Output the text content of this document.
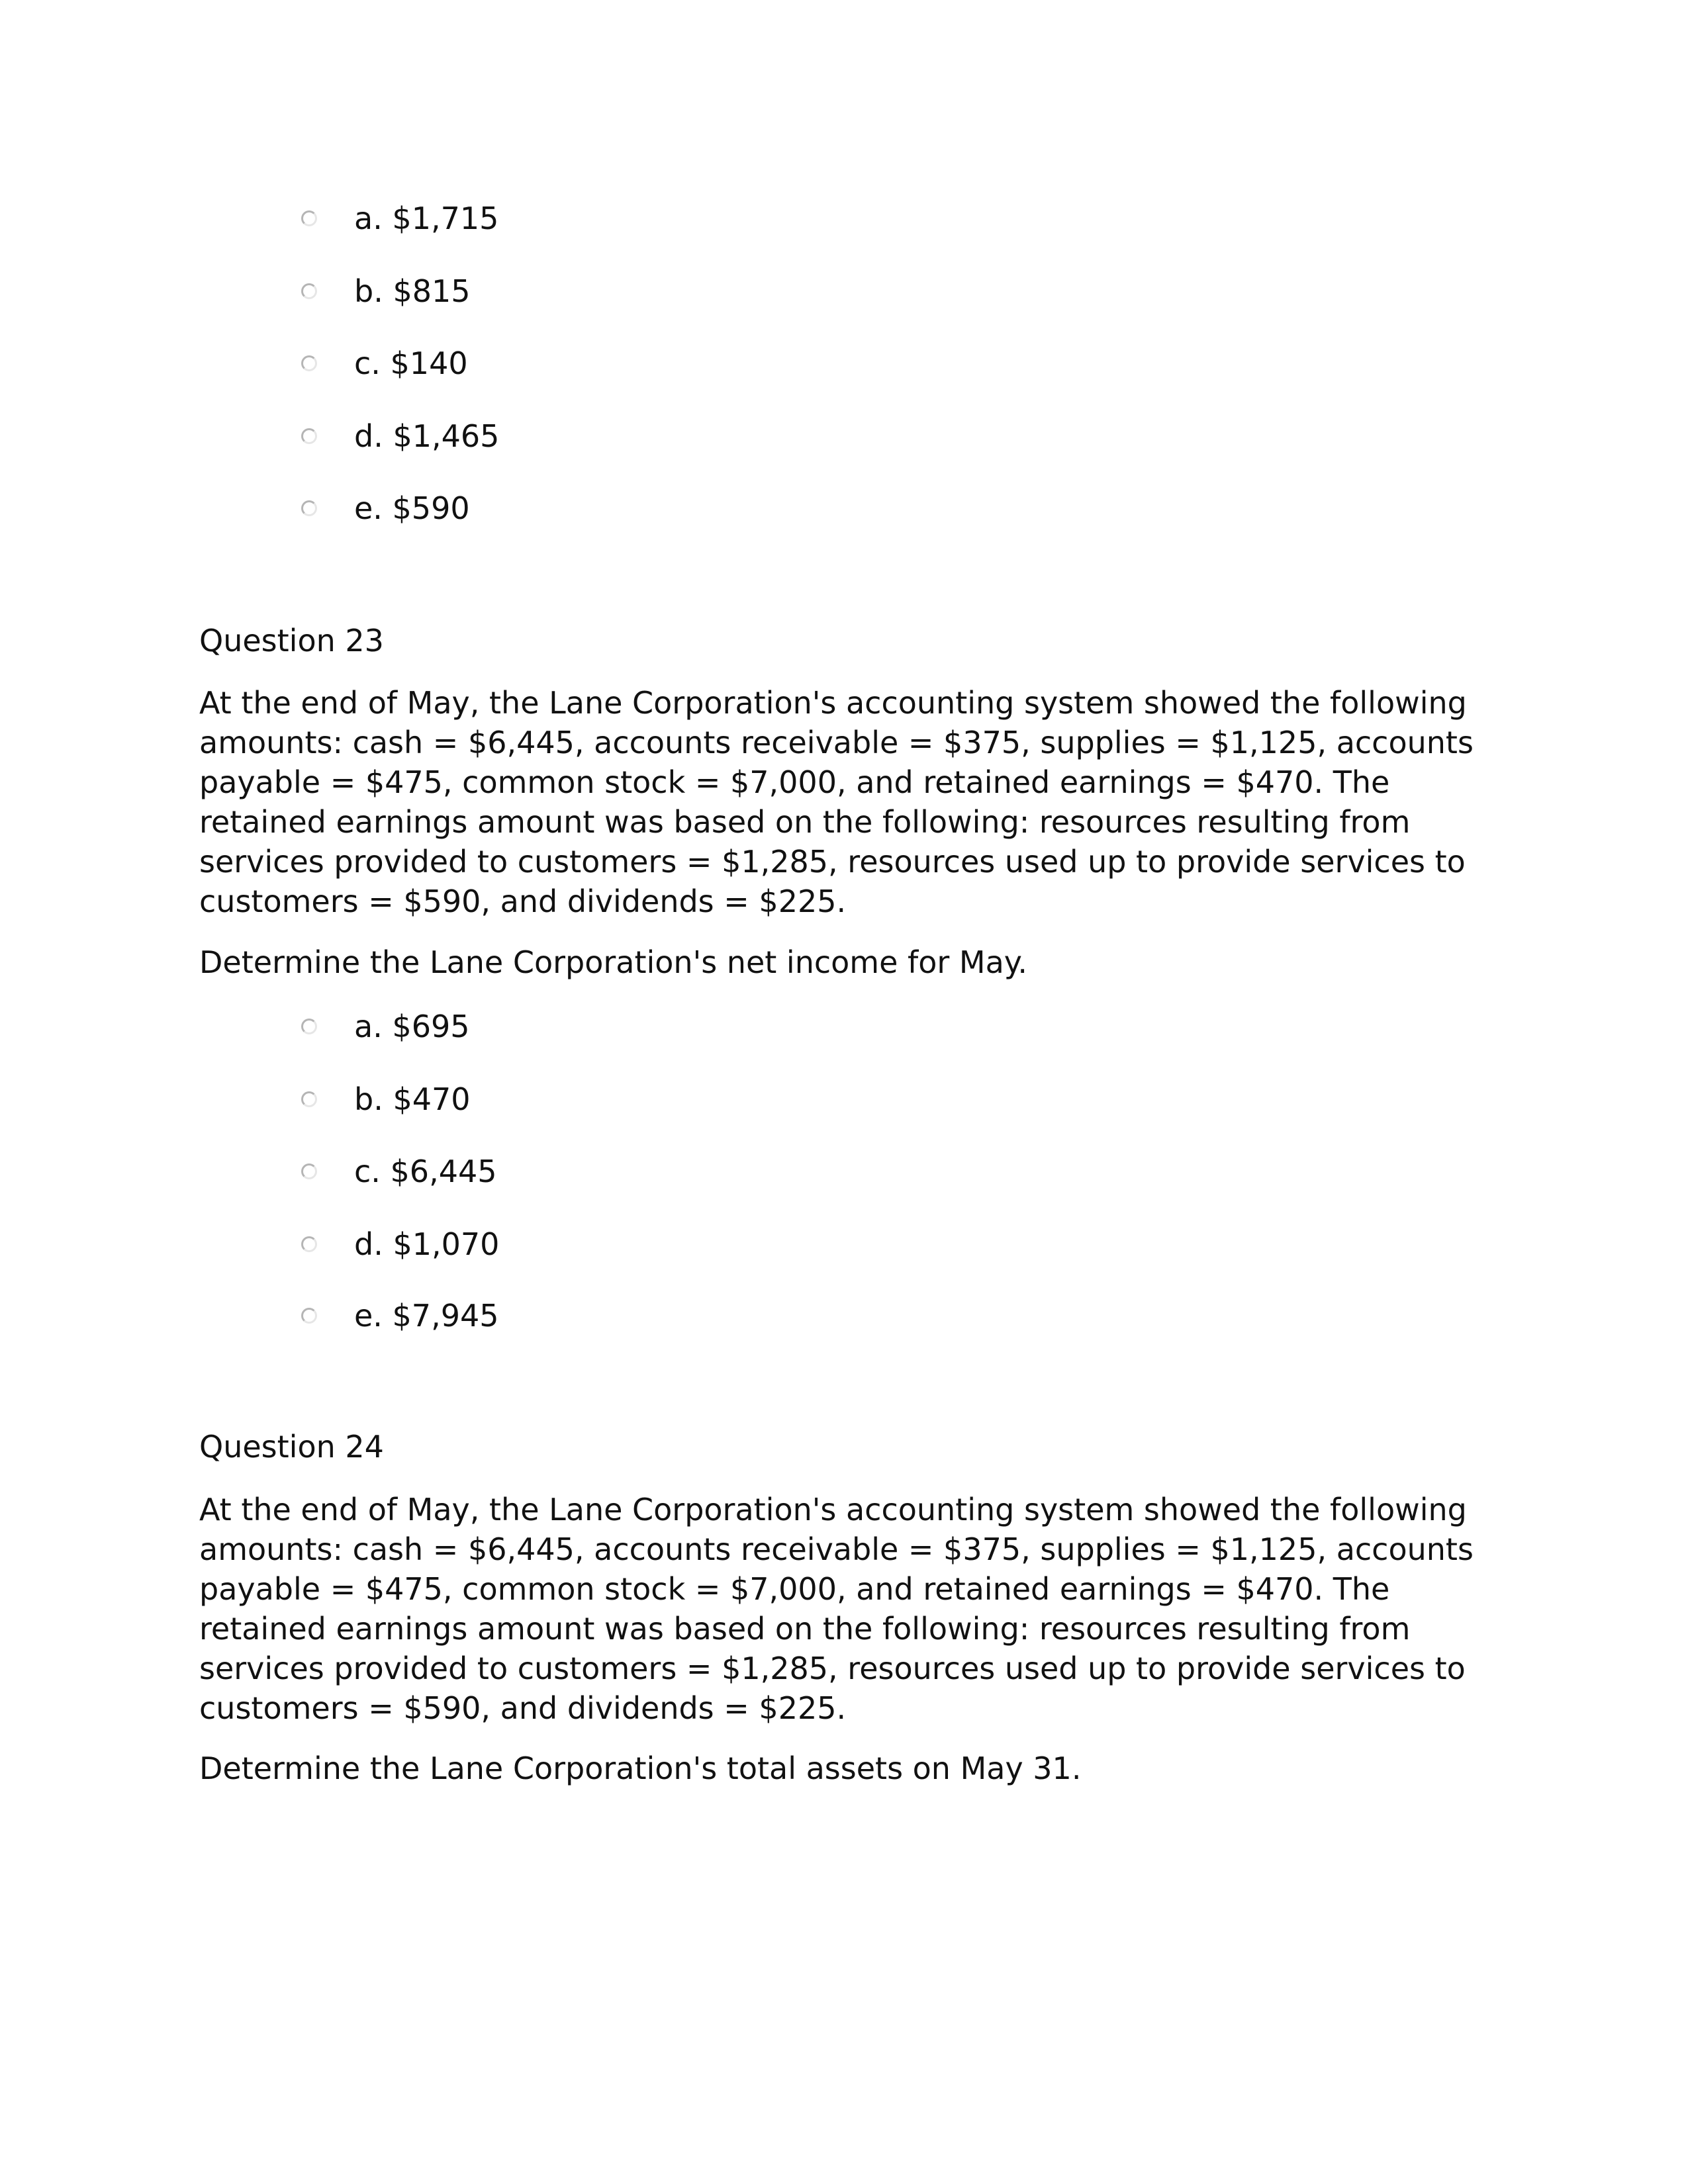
a. $1,715
b. $815
c. $140
d. $1,465
e. $590
Question 23
At the end of May, the Lane Corporation's accounting system showed the following
amounts: cash = $6,445, accounts receivable = $375, supplies = $1,125, accounts
payable = $475, common stock = $7,000, and retained earnings = $470. The
retained earnings amount was based on the following: resources resulting from
services provided to customers = $1,285, resources used up to provide services to
customers = $590, and dividends = $225.
Determine the Lane Corporation's net income for May.
a. $695
b. $470
c. $6,445
d. $1,070
e. $7,945
Question 24
At the end of May, the Lane Corporation's accounting system showed the following
amounts: cash = $6,445, accounts receivable = $375, supplies = $1,125, accounts
payable = $475, common stock = $7,000, and retained earnings = $470. The
retained earnings amount was based on the following: resources resulting from
services provided to customers = $1,285, resources used up to provide services to
customers = $590, and dividends = $225.
Determine the Lane Corporation's total assets on May 31.
